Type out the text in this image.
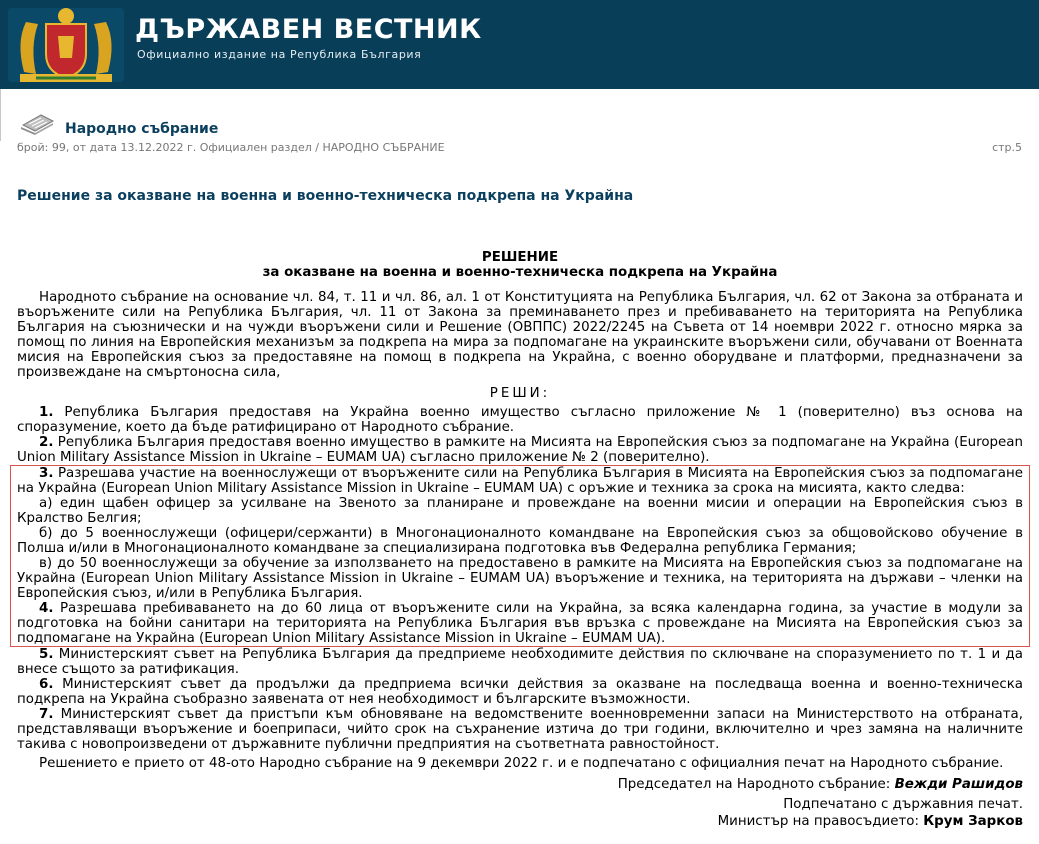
ДЪРЖАВЕН ВЕСТНИК
Официално издание на Република България
Народно събрание
брой: 99, от дата 13.12.2022 г. Официален раздел / НАРОДНО СЪБРАНИЕ	стр.5
Решение за оказване на военна и военно-техническа подкрепа на Украйна
РЕШЕНИЕ
за оказване на военна и военно-техническа подкрепа на Украйна

Народното събрание на основание чл. 84, т. 11 и чл. 86, ал. 1 от Конституцията на Република България, чл. 62 от Закона за отбраната и въоръжените сили на Република България, чл. 11 от Закона за преминаването през и пребиваването на територията на Република България на съюзнически и на чужди въоръжени сили и Решение (ОВППС) 2022/2245 на Съвета от 14 ноември 2022 г. относно мярка за помощ по линия на Европейския механизъм за подкрепа на мира за подпомагане на украинските въоръжени сили, обучавани от Военната мисия на Европейския съюз за предоставяне на помощ в подкрепа на Украйна, с военно оборудване и платформи, предназначени за произвеждане на смъртоносна сила,

РЕШИ:

1. Република България предоставя на Украйна военно имущество съгласно приложение № 1 (поверително) въз основа на споразумение, което да бъде ратифицирано от Народното събрание.

2. Република България предоставя военно имущество в рамките на Мисията на Европейския съюз за подпомагане на Украйна (European Union Military Assistance Mission in Ukraine – EUMAM UA) съгласно приложение № 2 (поверително).

3. Разрешава участие на военнослужещи от въоръжените сили на Република България в Мисията на Европейския съюз за подпомагане на Украйна (European Union Military Assistance Mission in Ukraine – EUMAM UA) с оръжие и техника за срока на мисията, както следва:

а) един щабен офицер за усилване на Звеното за планиране и провеждане на военни мисии и операции на Европейския съюз в Кралство Белгия;

б) до 5 военнослужещи (офицери/сержанти) в Многонационалното командване на Европейския съюз за общовойсково обучение в Полша и/или в Многонационалното командване за специализирана подготовка във Федерална република Германия;

в) до 50 военнослужещи за обучение за използването на предоставено в рамките на Мисията на Европейския съюз за подпомагане на Украйна (European Union Military Assistance Mission in Ukraine – EUMAM UA) въоръжение и техника, на територията на държави – членки на Европейския съюз, и/или в Република България.

4. Разрешава пребиваването на до 60 лица от въоръжените сили на Украйна, за всяка календарна година, за участие в модули за подготовка на бойни санитари на територията на Република България във връзка с провеждане на Мисията на Европейския съюз за подпомагане на Украйна (European Union Military Assistance Mission in Ukraine – EUMAM UA).

5. Министерският съвет на Република България да предприеме необходимите действия по сключване на споразумението по т. 1 и да внесе същото за ратификация.

6. Министерският съвет да продължи да предприема всички действия за оказване на последваща военна и военно-техническа подкрепа на Украйна съобразно заявената от нея необходимост и българските възможности.

7. Министерският съвет да пристъпи към обновяване на ведомствените военновременни запаси на Министерството на отбраната, представляващи въоръжение и боеприпаси, чийто срок на съхранение изтича до три години, включително и чрез замяна на наличните такива с новопроизведени от държавните публични предприятия на съответната равностойност.

Решението е прието от 48-ото Народно събрание на 9 декември 2022 г. и е подпечатано с официалния печат на Народното събрание.

Председател на Народното събрание: Вежди Рашидов

Подпечатано с държавния печат.

Министър на правосъдието: Крум Зарков
